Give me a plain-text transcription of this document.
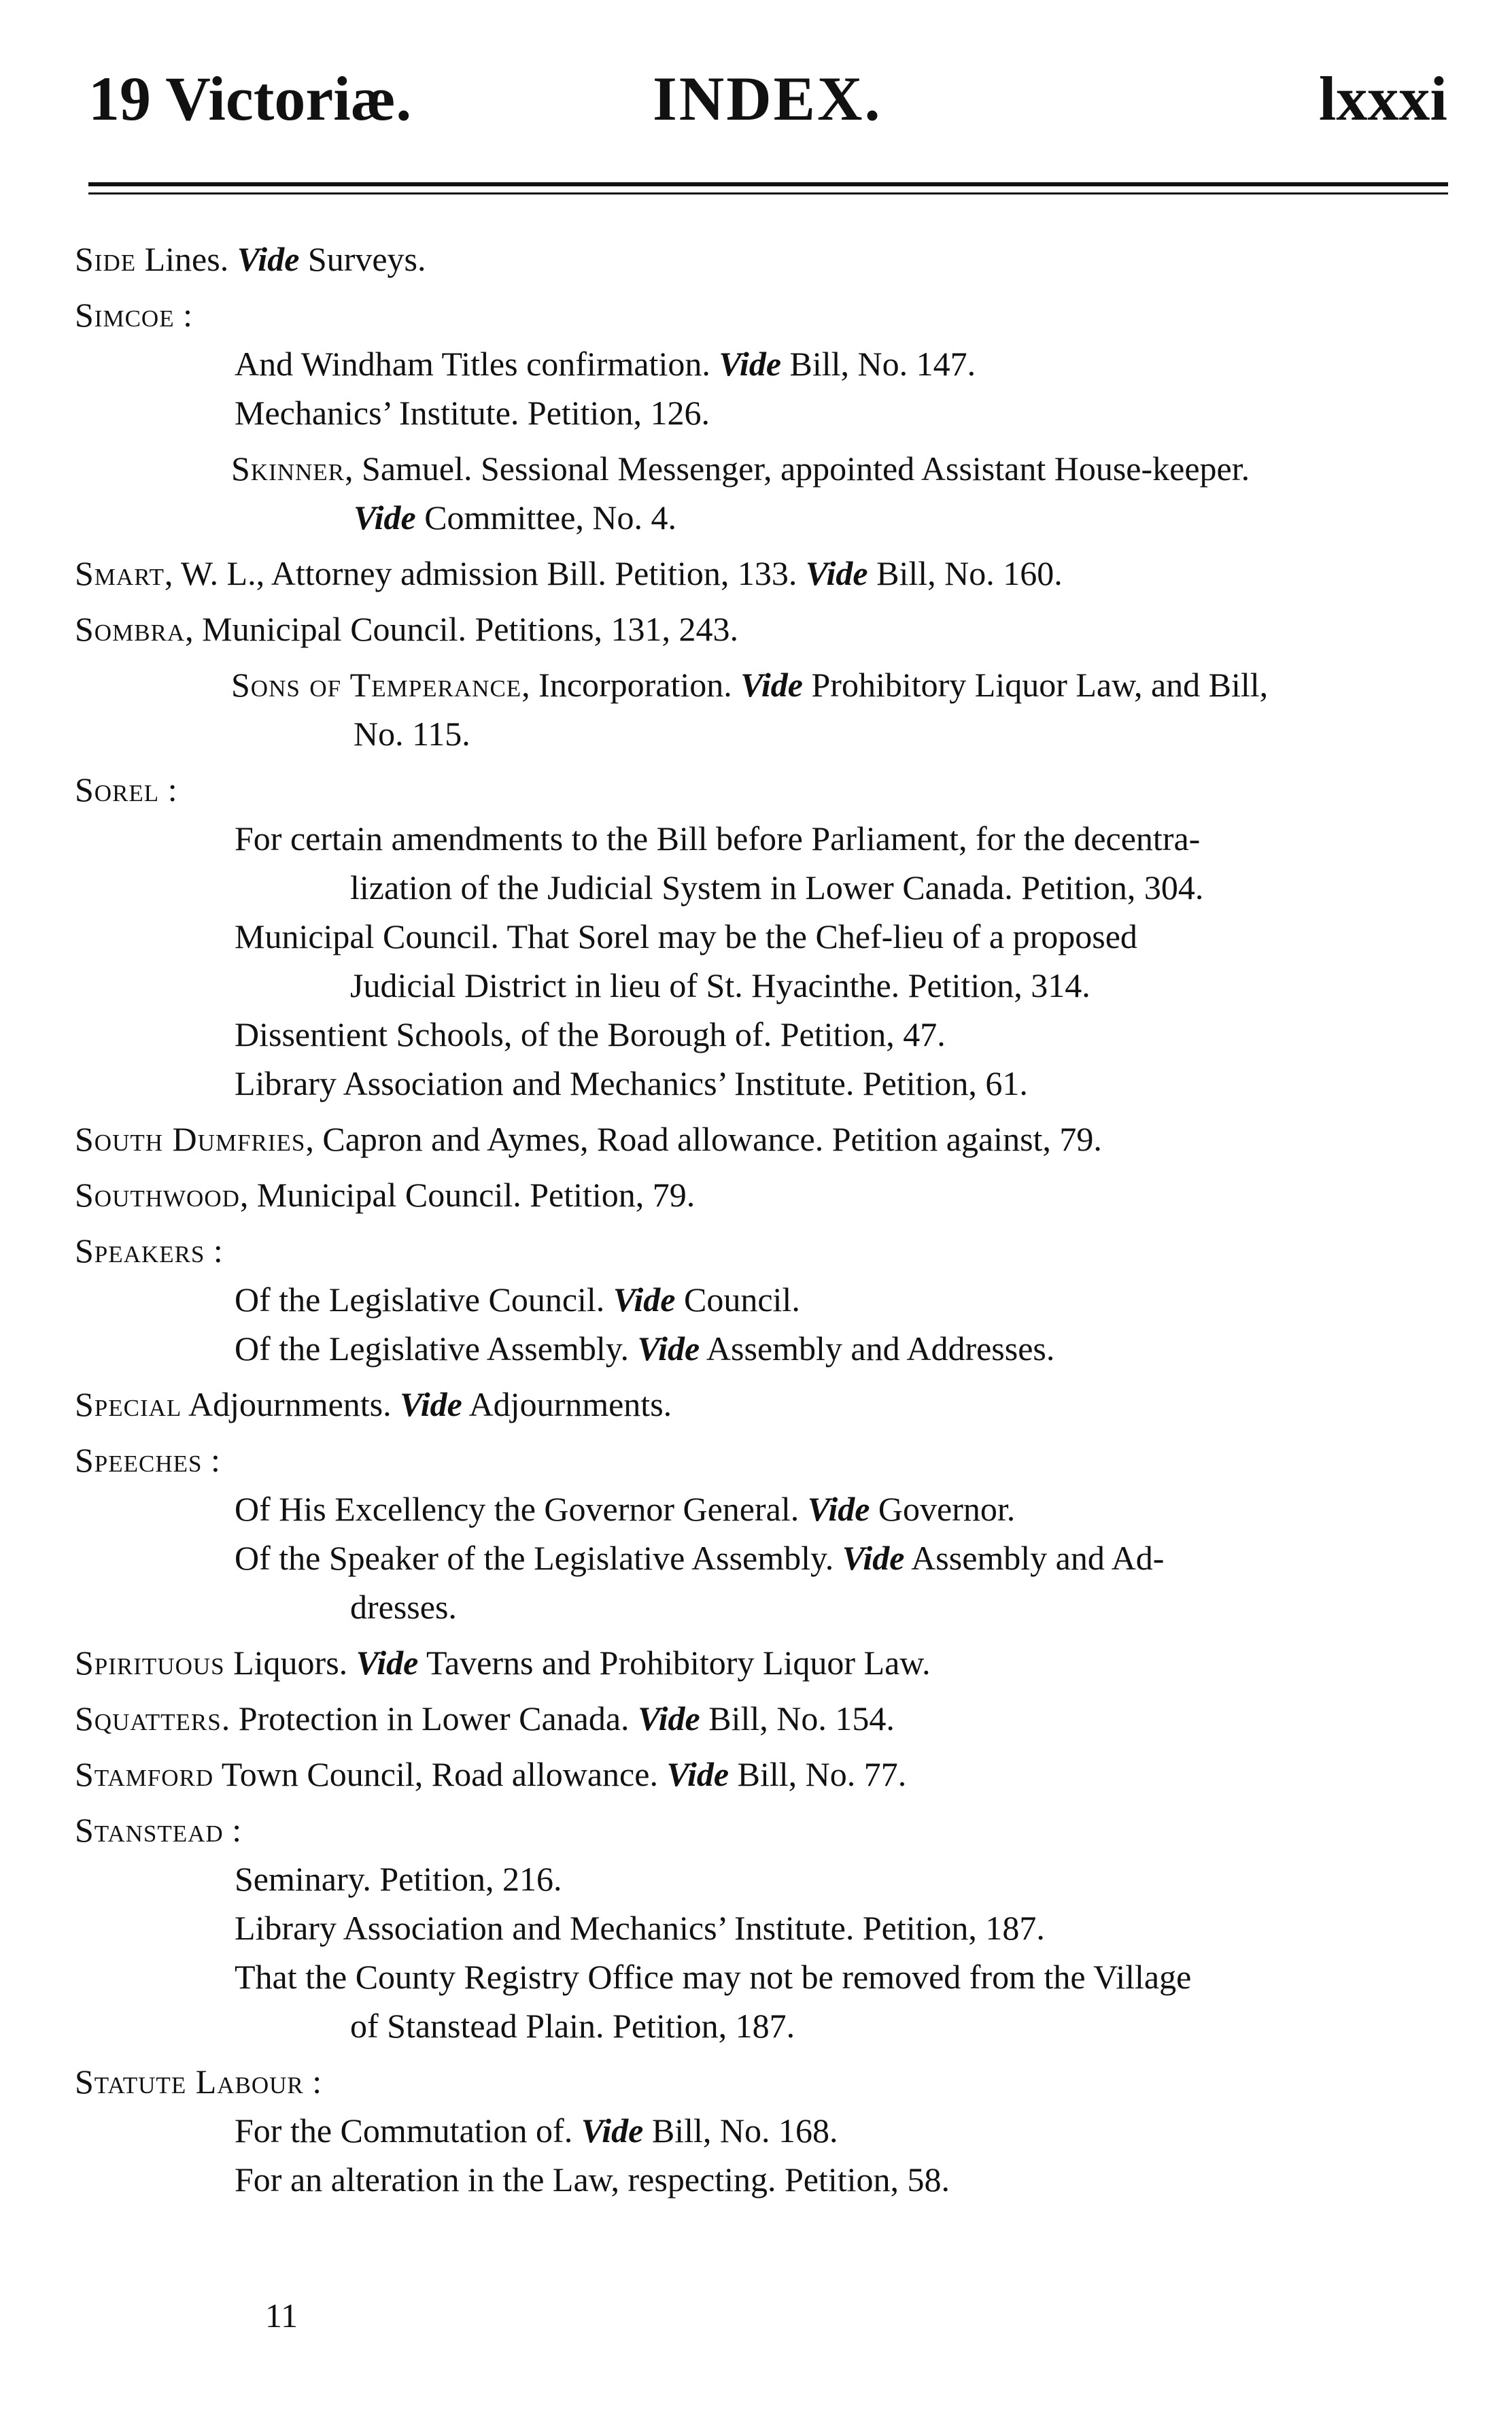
19 Victoriæ.	INDEX.	lxxxi
Side Lines. Vide Surveys.
Simcoe :
And Windham Titles confirmation. Vide Bill, No. 147.
Mechanics’ Institute. Petition, 126.
Skinner, Samuel. Sessional Messenger, appointed Assistant House-keeper.
Vide Committee, No. 4.
Smart, W. L., Attorney admission Bill. Petition, 133. Vide Bill, No. 160.
Sombra, Municipal Council. Petitions, 131, 243.
Sons of Temperance, Incorporation. Vide Prohibitory Liquor Law, and Bill,
No. 115.
Sorel :
For certain amendments to the Bill before Parliament, for the decentra-
lization of the Judicial System in Lower Canada. Petition, 304.
Municipal Council. That Sorel may be the Chef-lieu of a proposed
Judicial District in lieu of St. Hyacinthe. Petition, 314.
Dissentient Schools, of the Borough of. Petition, 47.
Library Association and Mechanics’ Institute. Petition, 61.
South Dumfries, Capron and Aymes, Road allowance. Petition against, 79.
Southwood, Municipal Council. Petition, 79.
Speakers :
Of the Legislative Council. Vide Council.
Of the Legislative Assembly. Vide Assembly and Addresses.
Special Adjournments. Vide Adjournments.
Speeches :
Of His Excellency the Governor General. Vide Governor.
Of the Speaker of the Legislative Assembly. Vide Assembly and Ad-
dresses.
Spirituous Liquors. Vide Taverns and Prohibitory Liquor Law.
Squatters. Protection in Lower Canada. Vide Bill, No. 154.
Stamford Town Council, Road allowance. Vide Bill, No. 77.
Stanstead :
Seminary. Petition, 216.
Library Association and Mechanics’ Institute. Petition, 187.
That the County Registry Office may not be removed from the Village
of Stanstead Plain. Petition, 187.
Statute Labour :
For the Commutation of. Vide Bill, No. 168.
For an alteration in the Law, respecting. Petition, 58.
11
